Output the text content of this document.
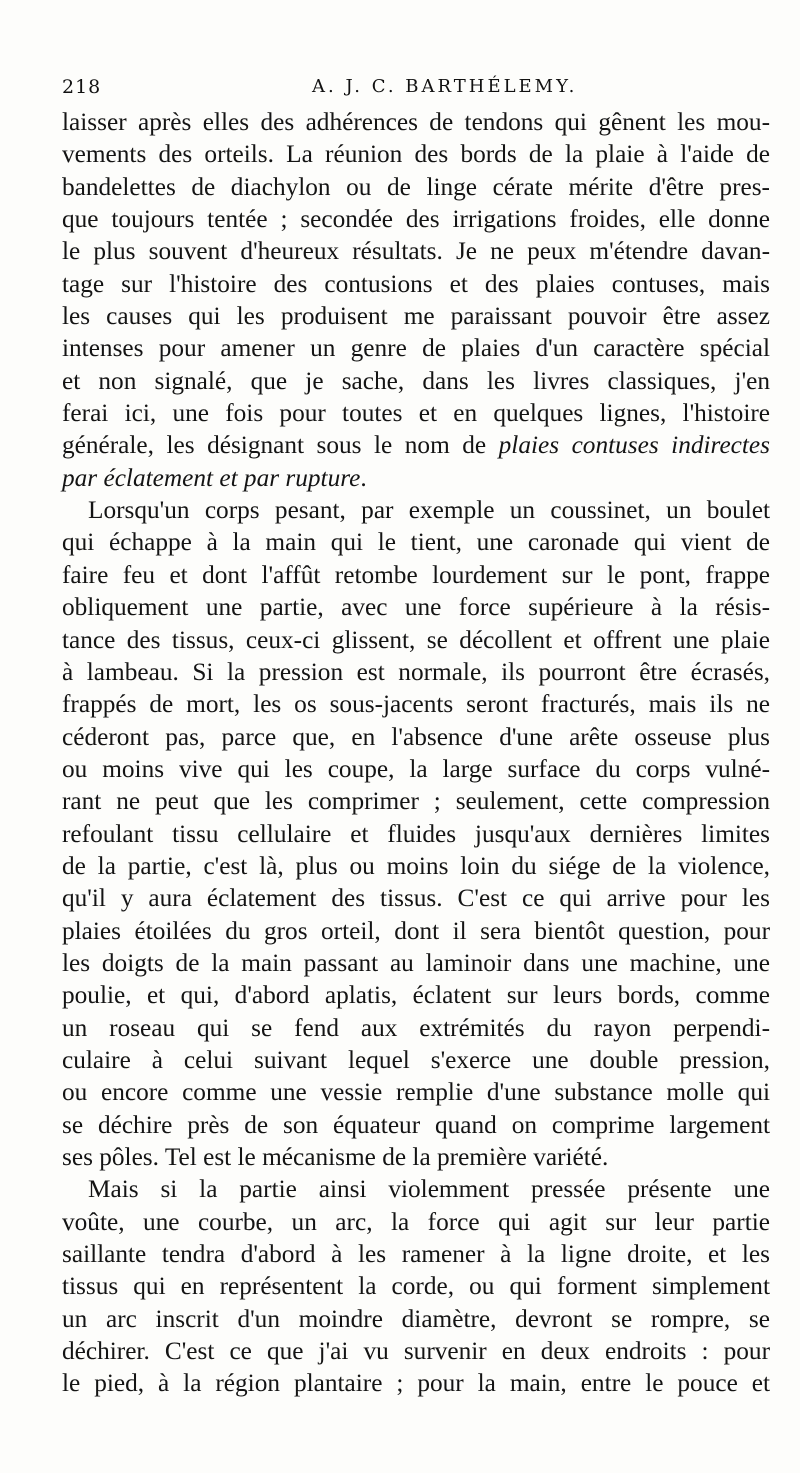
218	A. J. C. BARTHÉLEMY.
laisser après elles des adhérences de tendons qui gênent les mou-
vements des orteils. La réunion des bords de la plaie à l'aide de
bandelettes de diachylon ou de linge cérate mérite d'être pres-
que toujours tentée ; secondée des irrigations froides, elle donne
le plus souvent d'heureux résultats. Je ne peux m'étendre davan-
tage sur l'histoire des contusions et des plaies contuses, mais
les causes qui les produisent me paraissant pouvoir être assez
intenses pour amener un genre de plaies d'un caractère spécial
et non signalé, que je sache, dans les livres classiques, j'en
ferai ici, une fois pour toutes et en quelques lignes, l'histoire
générale, les désignant sous le nom de plaies contuses indirectes
par éclatement et par rupture.
Lorsqu'un corps pesant, par exemple un coussinet, un boulet
qui échappe à la main qui le tient, une caronade qui vient de
faire feu et dont l'affût retombe lourdement sur le pont, frappe
obliquement une partie, avec une force supérieure à la résis-
tance des tissus, ceux-ci glissent, se décollent et offrent une plaie
à lambeau. Si la pression est normale, ils pourront être écrasés,
frappés de mort, les os sous-jacents seront fracturés, mais ils ne
céderont pas, parce que, en l'absence d'une arête osseuse plus
ou moins vive qui les coupe, la large surface du corps vulné-
rant ne peut que les comprimer ; seulement, cette compression
refoulant tissu cellulaire et fluides jusqu'aux dernières limites
de la partie, c'est là, plus ou moins loin du siége de la violence,
qu'il y aura éclatement des tissus. C'est ce qui arrive pour les
plaies étoilées du gros orteil, dont il sera bientôt question, pour
les doigts de la main passant au laminoir dans une machine, une
poulie, et qui, d'abord aplatis, éclatent sur leurs bords, comme
un roseau qui se fend aux extrémités du rayon perpendi-
culaire à celui suivant lequel s'exerce une double pression,
ou encore comme une vessie remplie d'une substance molle qui
se déchire près de son équateur quand on comprime largement
ses pôles. Tel est le mécanisme de la première variété.
Mais si la partie ainsi violemment pressée présente une
voûte, une courbe, un arc, la force qui agit sur leur partie
saillante tendra d'abord à les ramener à la ligne droite, et les
tissus qui en représentent la corde, ou qui forment simplement
un arc inscrit d'un moindre diamètre, devront se rompre, se
déchirer. C'est ce que j'ai vu survenir en deux endroits : pour
le pied, à la région plantaire ; pour la main, entre le pouce et
